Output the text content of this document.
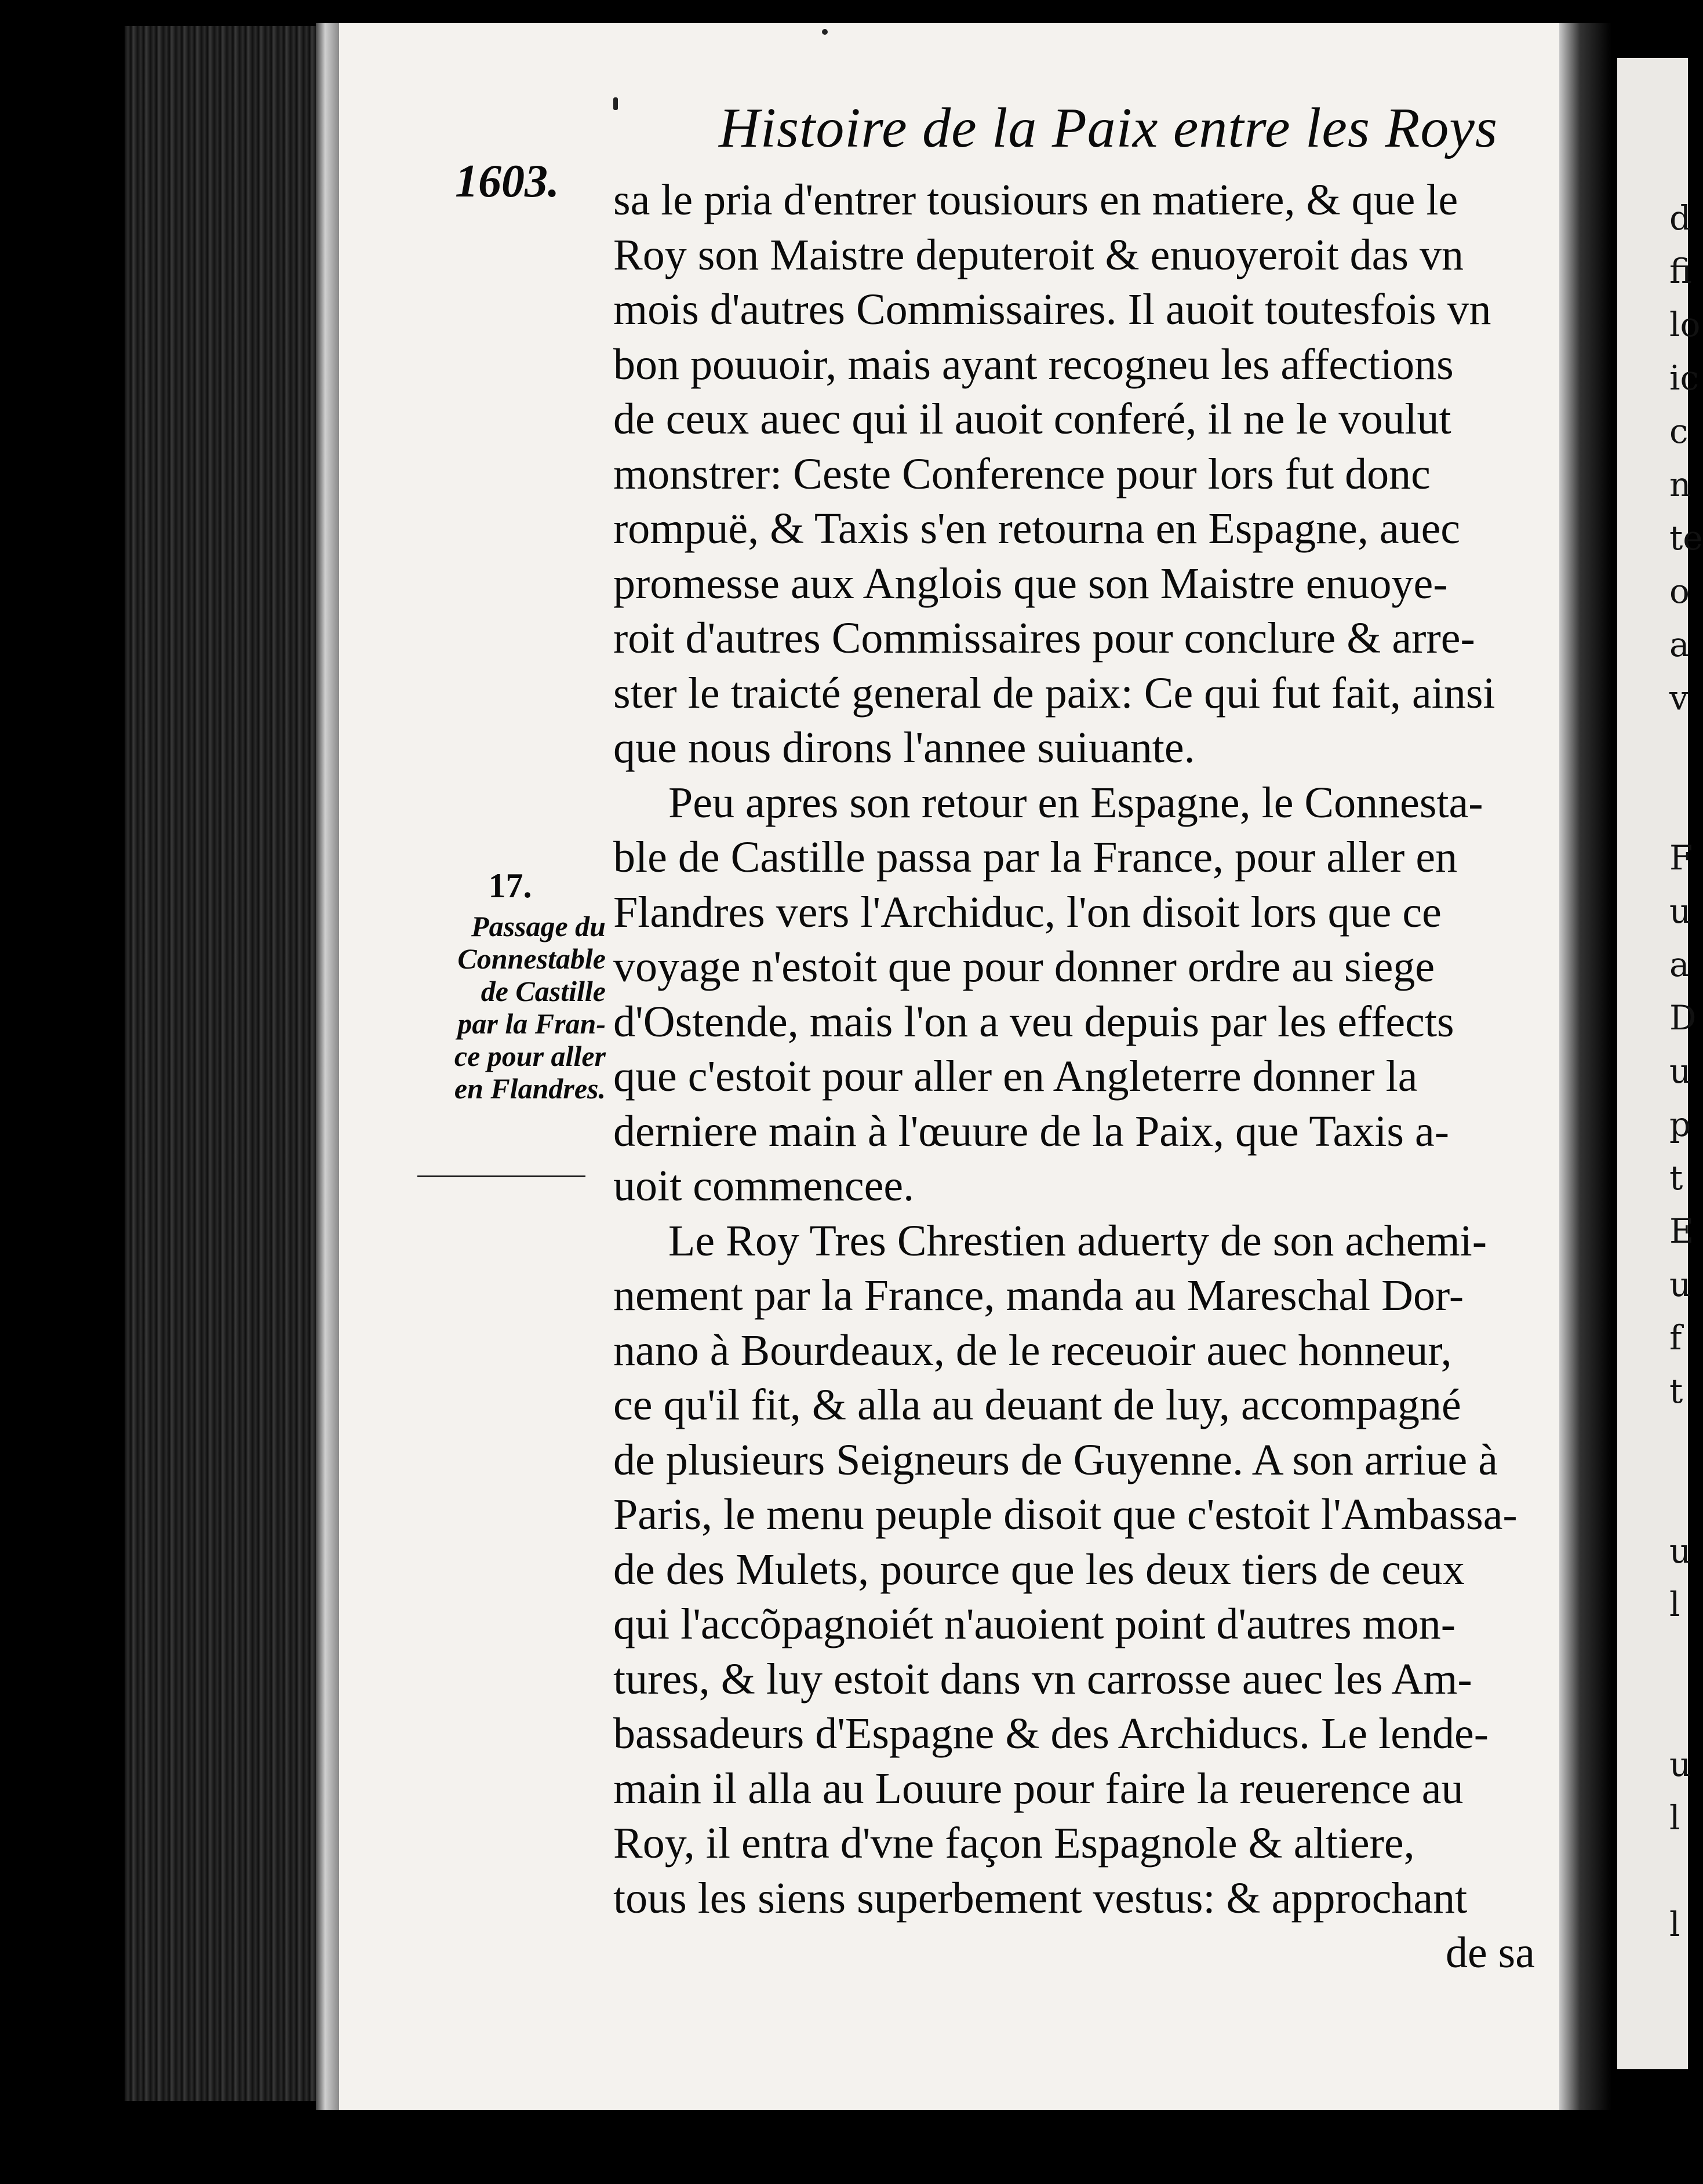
d
fi
lo
ic
c
n
te
o
a
v
F
u
a
D
u
p
t
E
u
f
t
u
l
u
l
l
Histoire de la Paix entre les Roys
1603. sa le pria d'entrer tousiours en matiere, & que le
Roy son Maistre deputeroit & enuoyeroit das vn
mois d'autres Commissaires. Il auoit toutesfois vn
bon pouuoir, mais ayant recogneu les affections
de ceux auec qui il auoit conferé, il ne le voulut
monstrer: Ceste Conference pour lors fut donc
rompuë, & Taxis s'en retourna en Espagne, auec
promesse aux Anglois que son Maistre enuoye-
roit d'autres Commissaires pour conclure & arre-
ster le traicté general de paix: Ce qui fut fait, ainsi
que nous dirons l'annee suiuante.
Peu apres son retour en Espagne, le Connesta-
ble de Castille passa par la France, pour aller en
Flandres vers l'Archiduc, l'on disoit lors que ce
voyage n'estoit que pour donner ordre au siege
d'Ostende, mais l'on a veu depuis par les effects
que c'estoit pour aller en Angleterre donner la
derniere main à l'œuure de la Paix, que Taxis a-
uoit commencee.
Le Roy Tres Chrestien aduerty de son achemi-
nement par la France, manda au Mareschal Dor-
nano à Bourdeaux, de le receuoir auec honneur,
ce qu'il fit, & alla au deuant de luy, accompagné
de plusieurs Seigneurs de Guyenne. A son arriue à
Paris, le menu peuple disoit que c'estoit l'Ambassa-
de des Mulets, pource que les deux tiers de ceux
qui l'accõpagnoiét n'auoient point d'autres mon-
tures, & luy estoit dans vn carrosse auec les Am-
bassadeurs d'Espagne & des Archiducs. Le lende-
main il alla au Louure pour faire la reuerence au
Roy, il entra d'vne façon Espagnole & altiere,
tous les siens superbement vestus: & approchant
de sa
17.
Passage du
Connestable
de Castille
par la Fran-
ce pour aller
en Flandres.
